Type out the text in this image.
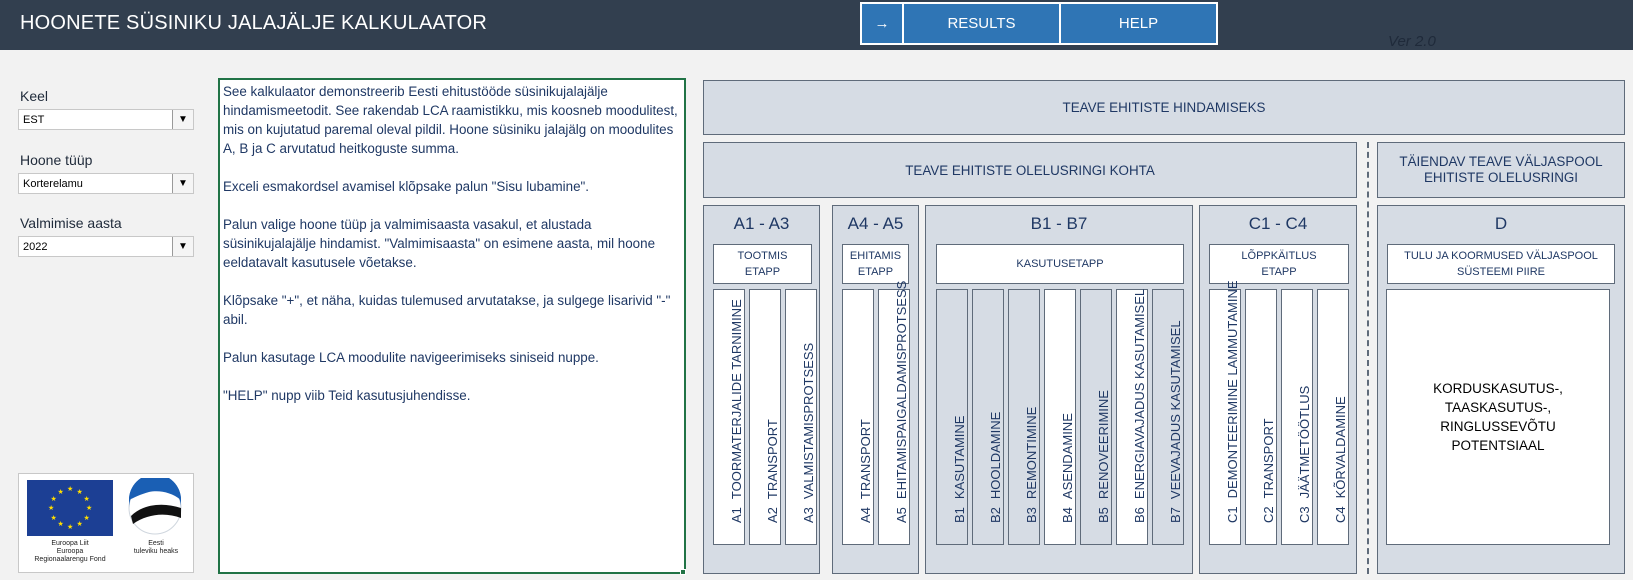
HOONETE SÜSINIKU JALAJÄLJE KALKULAATOR	→	RESULTS	HELP
Ver 2.0
Keel
EST	▼
Hoone tüüp
Korterelamu	▼
Valmimise aasta
2022	▼
★ ★
★
★
★
★
★
★
★
★
★
★
Euroopa Liit
Euroopa
Regionaalarengu Fond
Eesti
tuleviku heaks

See kalkulaator demonstreerib Eesti ehitustööde süsinikujalajälje hindamismeetodit. See rakendab LCA raamistikku, mis koosneb moodulitest, mis on kujutatud paremal oleval pildil. Hoone süsiniku jalajälg on moodulites A, B ja C arvutatud heitkoguste summa.

Exceli esmakordsel avamisel klõpsake palun "Sisu lubamine".

Palun valige hoone tüüp ja valmimisaasta vasakul, et alustada süsinikujalajälje hindamist. "Valmimisaasta" on esimene aasta, mil hoone eeldatavalt kasutusele võetakse.

Klõpsake "+", et näha, kuidas tulemused arvutatakse, ja sulgege lisarivid "-" abil.

Palun kasutage LCA moodulite navigeerimiseks siniseid nuppe.

"HELP" nupp viib Teid kasutusjuhendisse.

TEAVE EHITISTE HINDAMISEKS
TEAVE EHITISTE OLELUSRINGI KOHTA
TÄIENDAV TEAVE VÄLJASPOOL
EHITISTE OLELUSRINGI
A1 - A3
TOOTMIS
ETAPP
A1TOORMATERJALIDE TARNIMINE
A2TRANSPORT
A3VALMISTAMISPROTSESS
A4 - A5
EHITAMIS
ETAPP
A4TRANSPORT
A5EHITAMISPAIGALDAMISPROTSESS
B1 - B7
KASUTUSETAPP
B1KASUTAMINE
B2HOOLDAMINE
B3REMONTIMINE
B4ASENDAMINE
B5RENOVEERIMINE
B6ENERGIAVAJADUS KASUTAMISEL
B7VEEVAJADUS KASUTAMISEL
C1 - C4
LÕPPKÄITLUS
ETAPP
C1DEMONTEERIMINE LAMMUTAMINE
C2TRANSPORT
C3JÄÄTMETÖÖTLUS
C4KÕRVALDAMINE
D
TULU JA KOORMUSED VÄLJASPOOL
SÜSTEEMI PIIRE
KORDUSKASUTUS-,
TAASKASUTUS-,
RINGLUSSEVÕTU
POTENTSIAAL
